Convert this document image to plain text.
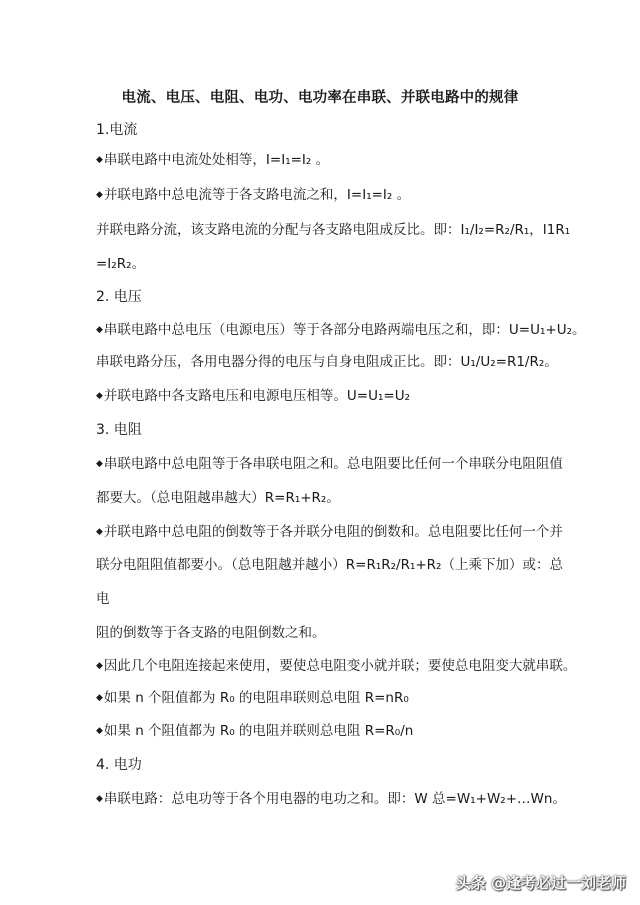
电流、电压、电阻、电功、电功率在串联、并联电路中的规律
1.电流
◆串联电路中电流处处相等，I=I₁=I₂ 。
◆并联电路中总电流等于各支路电流之和，I=I₁=I₂ 。
并联电路分流，该支路电流的分配与各支路电阻成反比。即：I₁/I₂=R₂/R₁，I1R₁
=I₂R₂。
2. 电压
◆串联电路中总电压（电源电压）等于各部分电路两端电压之和，即：U=U₁+U₂。
串联电路分压，各用电器分得的电压与自身电阻成正比。即：U₁/U₂=R1/R₂。
◆并联电路中各支路电压和电源电压相等。U=U₁=U₂
3. 电阻
◆串联电路中总电阻等于各串联电阻之和。总电阻要比任何一个串联分电阻阻值
都要大。（总电阻越串越大）R=R₁+R₂。
◆并联电路中总电阻的倒数等于各并联分电阻的倒数和。总电阻要比任何一个并
联分电阻阻值都要小。（总电阻越并越小）R=R₁R₂/R₁+R₂（上乘下加）或：总
电
阻的倒数等于各支路的电阻倒数之和。
◆因此几个电阻连接起来使用，要使总电阻变小就并联；要使总电阻变大就串联。
◆如果 n 个阻值都为 R₀ 的电阻串联则总电阻 R=nR₀
◆如果 n 个阻值都为 R₀ 的电阻并联则总电阻 R=R₀/n
4. 电功
◆串联电路：总电功等于各个用电器的电功之和。即：W 总=W₁+W₂+…Wn。
头条 @逢考必过一刘老师
